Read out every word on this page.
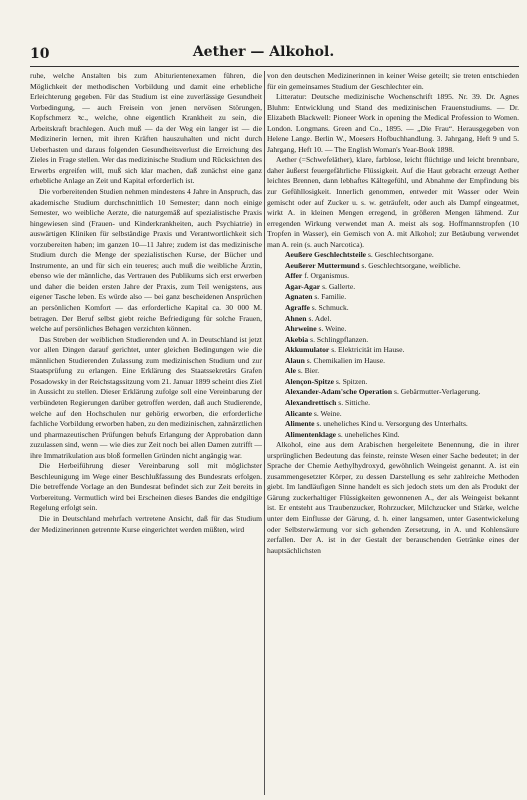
10	Aether — Alkohol.

ruhe, welche Anstalten bis zum Abiturientenexamen führen, die Möglichkeit der methodischen Vorbildung und damit eine erhebliche Erleichterung gegeben. Für das Studium ist eine zuverlässige Gesundheit Vorbedingung, — auch Freisein von jenen nervösen Störungen, Kopfschmerz ꝛc., welche, ohne eigentlich Krankheit zu sein, die Arbeitskraft brachlegen. Auch muß — da der Weg ein langer ist — die Medizinerin lernen, mit ihren Kräften hauszuhalten und nicht durch Ueberhasten und daraus folgenden Gesundheitsverlust die Erreichung des Zieles in Frage stellen. Wer das medizinische Studium und Rücksichten des Erwerbs ergreifen will, muß sich klar machen, daß zunächst eine ganz erhebliche Anlage an Zeit und Kapital erforderlich ist.

Die vorbereitenden Studien nehmen mindestens 4 Jahre in Anspruch, das akademische Studium durchschnittlich 10 Semester; dann noch einige Semester, wo weibliche Aerzte, die naturgemäß auf spezialistische Praxis hingewiesen sind (Frauen- und Kinderkrankheiten, auch Psychiatrie) in auswärtigen Kliniken für selbständige Praxis und Verantwortlichkeit sich vorzubereiten haben; im ganzen 10—11 Jahre; zudem ist das medizinische Studium durch die Menge der spezialistischen Kurse, der Bücher und Instrumente, an und für sich ein teueres; auch muß die weibliche Ärztin, ebenso wie der männliche, das Vertrauen des Publikums sich erst erwerben und daher die beiden ersten Jahre der Praxis, zum Teil wenigstens, aus eigener Tasche leben. Es würde also — bei ganz bescheidenen Ansprüchen an persönlichen Komfort — das erforderliche Kapital ca. 30 000 M. betragen. Der Beruf selbst giebt reiche Befriedigung für solche Frauen, welche auf persönliches Behagen verzichten können.

Das Streben der weiblichen Studierenden und A. in Deutschland ist jetzt vor allen Dingen darauf gerichtet, unter gleichen Bedingungen wie die männlichen Studierenden Zulassung zum medizinischen Studium und zur Staatsprüfung zu erlangen. Eine Erklärung des Staatssekretärs Grafen Posadowsky in der Reichstagssitzung vom 21. Januar 1899 scheint dies Ziel in Aussicht zu stellen. Dieser Erklärung zufolge soll eine Vereinbarung der verbündeten Regierungen darüber getroffen werden, daß auch Studierende, welche auf den Hochschulen nur gehörig erworben, die erforderliche fachliche Vorbildung erworben haben, zu den medizinischen, zahnärztlichen und pharmazeutischen Prüfungen behufs Erlangung der Approbation dann zuzulassen sind, wenn — wie dies zur Zeit noch bei allen Damen zutrifft — ihre Immatrikulation aus bloß formellen Gründen nicht angängig war.

Die Herbeiführung dieser Vereinbarung soll mit möglichster Beschleunigung im Wege einer Beschlußfassung des Bundesrats erfolgen. Die betreffende Vorlage an den Bundesrat befindet sich zur Zeit bereits in Vorbereitung. Vermutlich wird bei Erscheinen dieses Bandes die endgiltige Regelung erfolgt sein.

Die in Deutschland mehrfach vertretene Ansicht, daß für das Studium der Medizinerinnen getrennte Kurse eingerichtet werden müßten, wird

von den deutschen Medizinerinnen in keiner Weise geteilt; sie treten entschieden für ein gemeinsames Studium der Geschlechter ein.

Litteratur: Deutsche medizinische Wochenschrift 1895. Nr. 39. Dr. Agnes Bluhm: Entwicklung und Stand des medizinischen Frauenstudiums. — Dr. Elizabeth Blackwell: Pioneer Work in opening the Medical Profession to Women. London. Longmans. Green and Co., 1895. — „Die Frau“. Herausgegeben von Helene Lange. Berlin W., Moesers Hofbuchhandlung. 3. Jahrgang, Heft 9 und 5. Jahrgang, Heft 10. — The English Woman's Year-Book 1898.

Aether (=Schwefeläther), klare, farblose, leicht flüchtige und leicht brennbare, daher äußerst feuergefährliche Flüssigkeit. Auf die Haut gebracht erzeugt Aether leichtes Brennen, dann lebhaftes Kältegefühl, und Abnahme der Empfindung bis zur Gefühllosigkeit. Innerlich genommen, entweder mit Wasser oder Wein gemischt oder auf Zucker u. s. w. geträufelt, oder auch als Dampf eingeatmet, wirkt A. in kleinen Mengen erregend, in größeren Mengen lähmend. Zur erregenden Wirkung verwendet man A. meist als sog. Hoffmannstropfen (10 Tropfen in Wasser), ein Gemisch von A. mit Alkohol; zur Betäubung verwendet man A. rein (s. auch Narcotica).

Aeußere Geschlechtsteile s. Geschlechtsorgane.

Aeußerer Muttermund s. Geschlechtsorgane, weibliche.

Affer f. Organismus.

Agar-Agar s. Gallerte.

Agnaten s. Familie.

Agraffe s. Schmuck.

Ahnen s. Adel.

Ahrweine s. Weine.

Akebia s. Schlingpflanzen.

Akkumulator s. Elektricität im Hause.

Alaun s. Chemikalien im Hause.

Ale s. Bier.

Alençon-Spitze s. Spitzen.

Alexander-Adam'sche Operation s. Gebärmutter-Verlagerung.

Alexandrettisch s. Sittiche.

Alicante s. Weine.

Alimente s. uneheliches Kind u. Versorgung des Unterhalts.

Alimentenklage s. uneheliches Kind.

Alkohol, eine aus dem Arabischen hergeleitete Benennung, die in ihrer ursprünglichen Bedeutung das feinste, reinste Wesen einer Sache bedeutet; in der Sprache der Chemie Aethylhydroxyd, gewöhnlich Weingeist genannt. A. ist ein zusammengesetzter Körper, zu dessen Darstellung es sehr zahlreiche Methoden giebt. Im landläufigen Sinne handelt es sich jedoch stets um den als Produkt der Gärung zuckerhaltiger Flüssigkeiten gewonnenen A., der als Weingeist bekannt ist. Er entsteht aus Traubenzucker, Rohrzucker, Milchzucker und Stärke, welche unter dem Einflusse der Gärung, d. h. einer langsamen, unter Gasentwickelung oder Selbsterwärmung vor sich gehenden Zersetzung, in A. und Kohlensäure zerfallen. Der A. ist in der Gestalt der berauschenden Getränke eines der hauptsächlichsten
